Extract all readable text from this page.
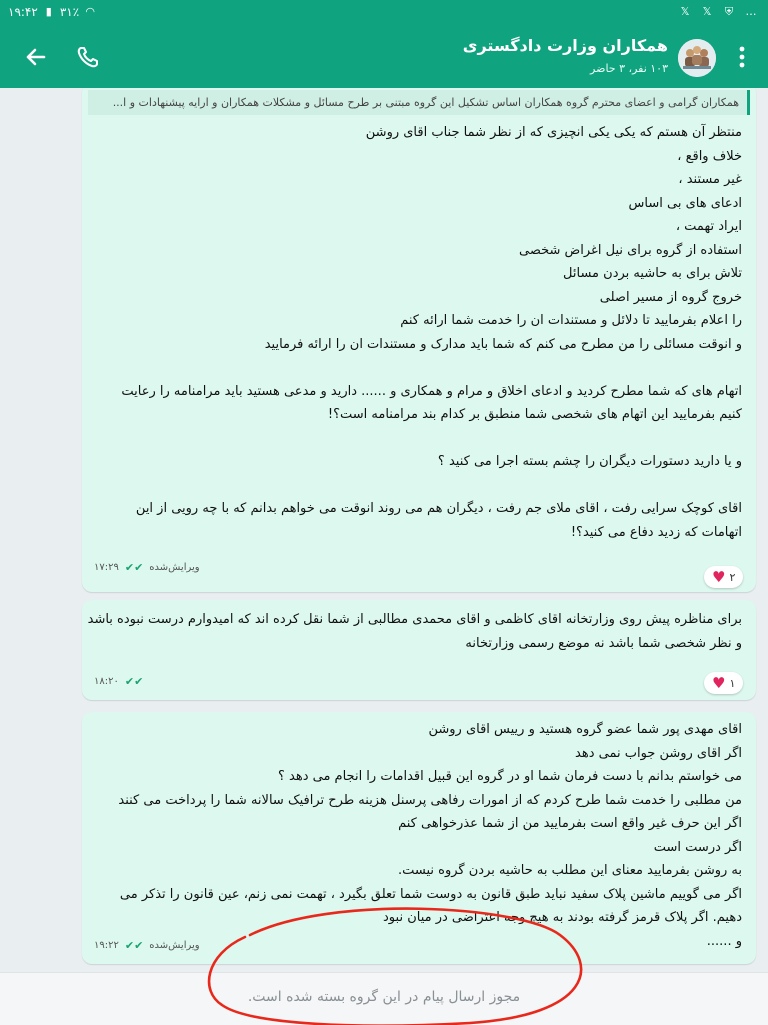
۱۹:۴۲ ▮ ۳۱٪ ◠	𝕏 𝕏 ⛨ …
همکاران وزارت دادگستری
۱۰۳ نفر، ۳ حاضر
همکاران گرامی و اعضای محترم گروه همکاران اساس تشکیل این گروه مبتنی بر طرح مسائل و مشکلات همکاران و ارایه پیشنهادات و ا...
منتظر آن هستم که یکی یکی انچیزی که از نظر شما جناب اقای روشن
خلاف واقع ،
غیر مستند ،
ادعای های بی اساس
ایراد تهمت ،
استفاده از گروه برای نیل اغراض شخصی
تلاش برای به حاشیه بردن مسائل
خروج گروه از مسیر اصلی
را اعلام بفرمایید تا دلائل و مستندات ان را خدمت شما ارائه کنم
و انوقت مسائلی را من مطرح می کنم که شما باید مدارک و مستندات ان را ارائه فرمایید
اتهام های که شما مطرح کردید و ادعای اخلاق و مرام و همکاری و ...... دارید و مدعی هستید باید مرامنامه را رعایت
کنیم بفرمایید این اتهام های شخصی شما منطبق بر کدام بند مرامنامه است؟!
و یا دارید دستورات دیگران را چشم بسته اجرا می کنید ؟
اقای کوچک سرایی رفت ، اقای ملای جم رفت ، دیگران هم می روند انوقت می خواهم بدانم که با چه رویی از این
اتهامات که زدید دفاع می کنید؟!
ویرایش‌شده
✔✔
۱۷:۲۹
♥ ۲
برای مناظره پیش روی وزارتخانه اقای کاظمی و اقای محمدی مطالبی از شما نقل کرده اند که امیدوارم درست نبوده باشد
و نظر شخصی شما باشد نه موضع رسمی وزارتخانه
✔✔
۱۸:۲۰	♥ ۱
اقای مهدی پور شما عضو گروه هستید و رییس اقای روشن
اگر اقای روشن جواب نمی دهد
می خواستم بدانم با دست فرمان شما او در گروه این قبیل اقدامات را انجام می دهد ؟
من مطلبی را خدمت شما طرح کردم که از امورات رفاهی پرسنل هزینه طرح ترافیک سالانه شما را پرداخت می کنند
اگر این حرف غیر واقع است بفرمایید من از شما عذرخواهی کنم
اگر درست است
به روشن بفرمایید معنای این مطلب به حاشیه بردن گروه نیست.
اگر می گوییم ماشین پلاک سفید نباید طبق قانون به دوست شما تعلق بگیرد ، تهمت نمی زنم، عین قانون را تذکر می
دهیم. اگر پلاک قرمز گرفته بودند به هیچ وجه اعتراضی در میان نبود
و ......
ویرایش‌شده
✔✔
۱۹:۲۲
مجوز ارسال پیام در این گروه بسته شده است.
